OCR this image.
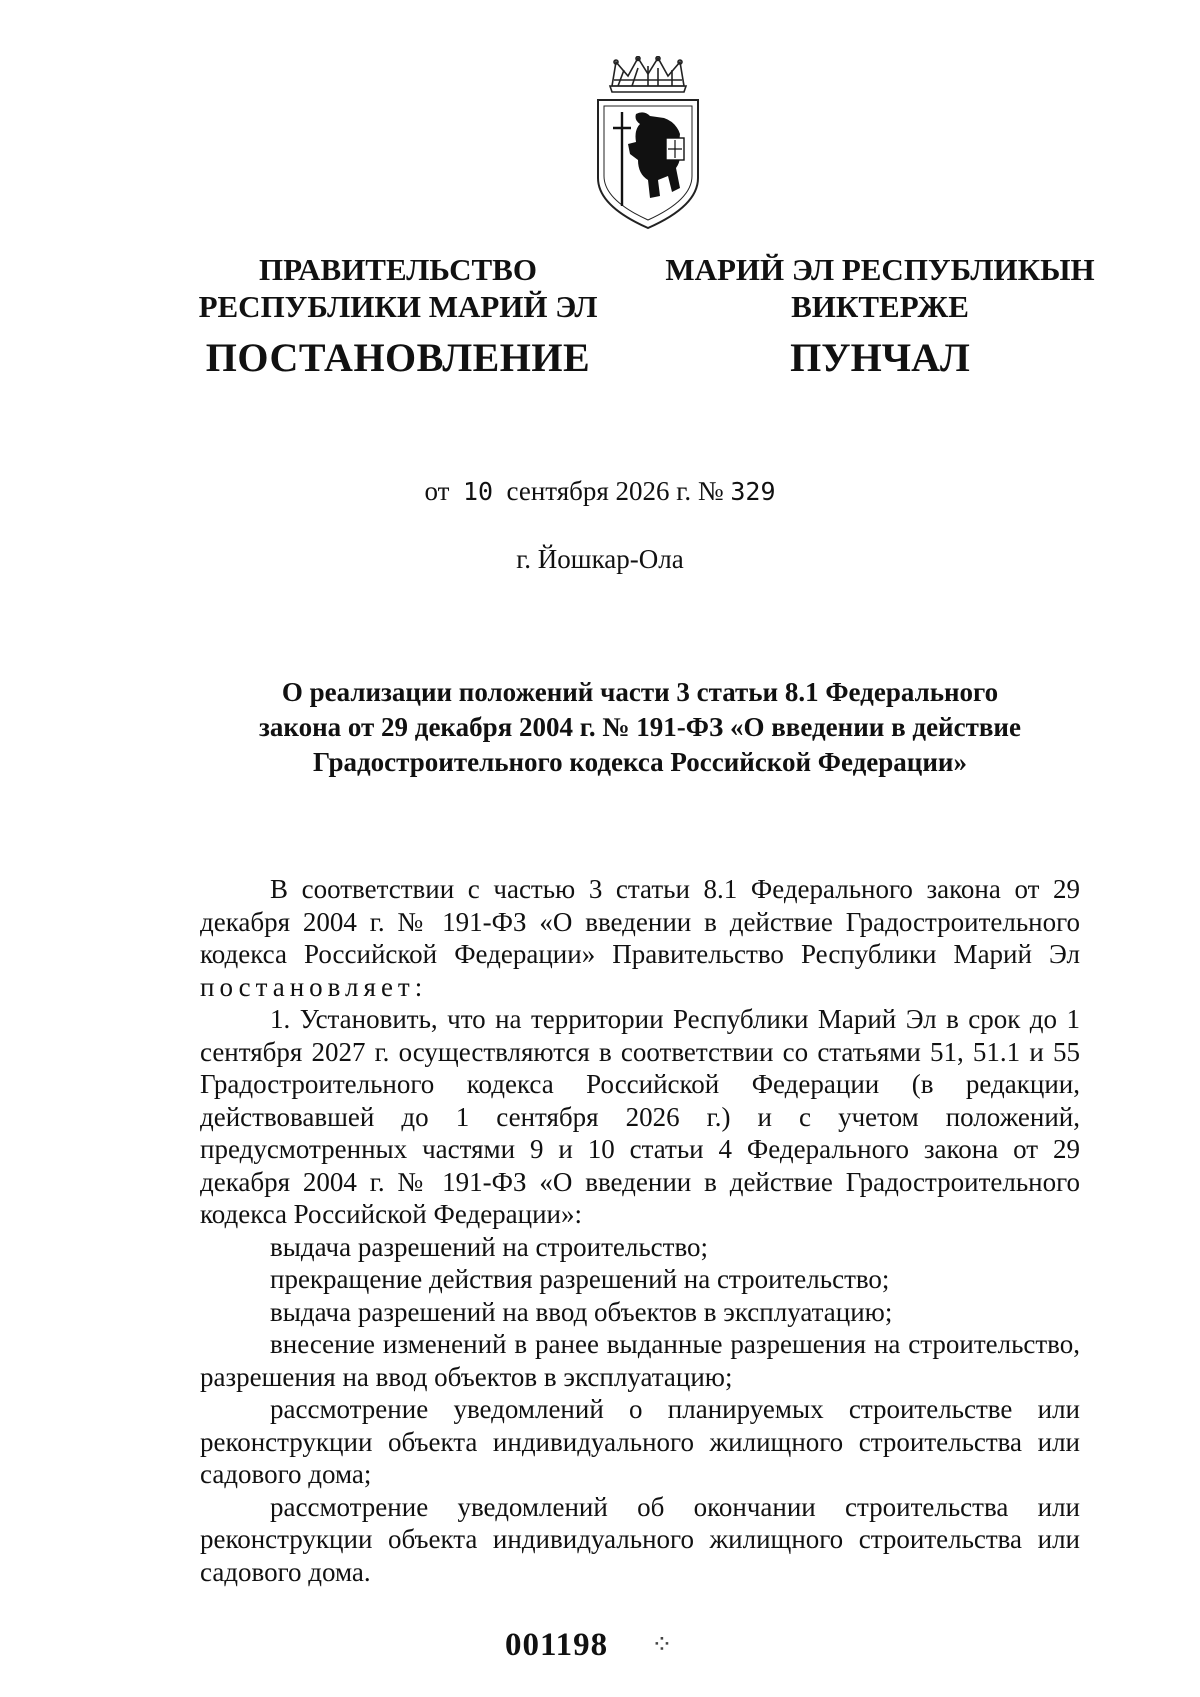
ПРАВИТЕЛЬСТВО
РЕСПУБЛИКИ МАРИЙ ЭЛ
МАРИЙ ЭЛ РЕСПУБЛИКЫН
ВИКТЕРЖЕ
ПОСТАНОВЛЕНИЕ	ПУНЧАЛ
от 10 сентября 2026 г. № 329
г. Йошкар-Ола
О реализации положений части 3 статьи 8.1 Федерального
закона от 29 декабря 2004 г. № 191-ФЗ «О введении в действие
Градостроительного кодекса Российской Федерации»

В соответствии с частью 3 статьи 8.1 Федерального закона от 29 декабря 2004 г. № 191-ФЗ «О введении в действие Градостроительного кодекса Российской Федерации» Правительство Республики Марий Эл постановляет:

1. Установить, что на территории Республики Марий Эл в срок до 1 сентября 2027 г. осуществляются в соответствии со статьями 51, 51.1 и 55 Градостроительного кодекса Российской Федерации (в редакции, действовавшей до 1 сентября 2026 г.) и с учетом положений, предусмотренных частями 9 и 10 статьи 4 Федерального закона от 29 декабря 2004 г. № 191-ФЗ «О введении в действие Градостроительного кодекса Российской Федерации»:

выдача разрешений на строительство;

прекращение действия разрешений на строительство;

выдача разрешений на ввод объектов в эксплуатацию;

внесение изменений в ранее выданные разрешения на строительство, разрешения на ввод объектов в эксплуатацию;

рассмотрение уведомлений о планируемых строительстве или реконструкции объекта индивидуального жилищного строительства или садового дома;

рассмотрение уведомлений об окончании строительства или реконструкции объекта индивидуального жилищного строительства или садового дома.

001198 ⁘
